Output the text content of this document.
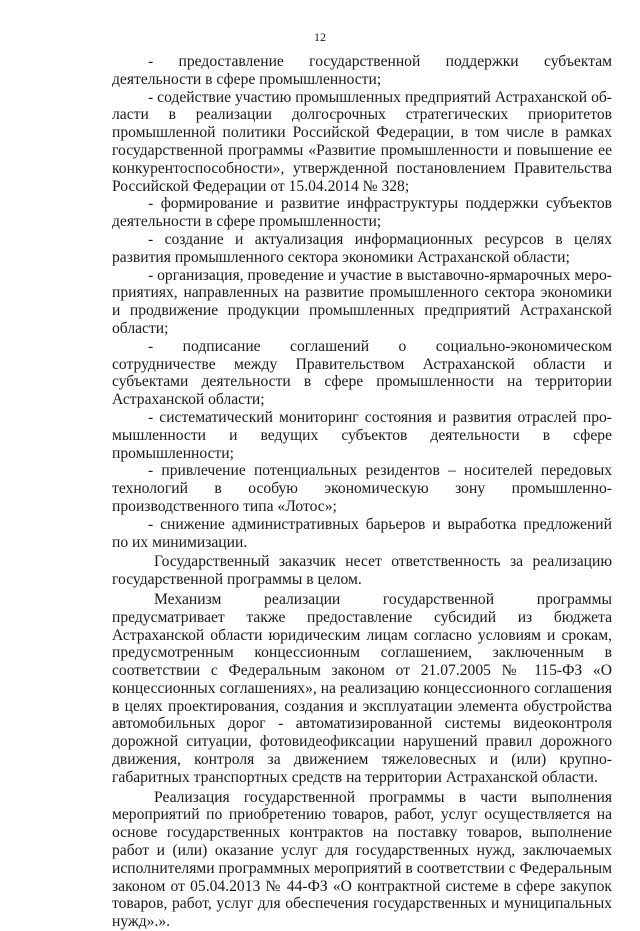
12

- предоставление государственной поддержки субъектам деятельности в сфере промышленности;

- содействие участию промышленных предприятий Астраханской области в реализации долгосрочных стратегических приоритетов промышленной политики Российской Федерации, в том числе в рамках государственной программы «Развитие промышленности и повышение ее конкурентоспособности», утвержденной постановлением Правительства Российской Федерации от 15.04.2014 № 328;

- формирование и развитие инфраструктуры поддержки субъектов деятельности в сфере промышленности;

- создание и актуализация информационных ресурсов в целях развития промышленного сектора экономики Астраханской области;

- организация, проведение и участие в выставочно-ярмарочных мероприятиях, направленных на развитие промышленного сектора экономики и продвижение продукции промышленных предприятий Астраханской области;

- подписание соглашений о социально-экономическом сотрудничестве между Правительством Астраханской области и субъектами деятельности в сфере промышленности на территории Астраханской области;

- систематический мониторинг состояния и развития отраслей промышленности и ведущих субъектов деятельности в сфере промышленности;

- привлечение потенциальных резидентов – носителей передовых технологий в особую экономическую зону промышленно-производственного типа «Лотос»;

- снижение административных барьеров и выработка предложений по их минимизации.

Государственный заказчик несет ответственность за реализацию государственной программы в целом.

Механизм реализации государственной программы предусматривает также предоставление субсидий из бюджета Астраханской области юридическим лицам согласно условиям и срокам, предусмотренным концессионным соглашением, заключенным в соответствии с Федеральным законом от 21.07.2005 № 115-ФЗ «О концессионных соглашениях», на реализацию концессионного соглашения в целях проектирования, создания и эксплуатации элемента обустройства автомобильных дорог - автоматизированной системы видеоконтроля дорожной ситуации, фотовидеофиксации нарушений правил дорожного движения, контроля за движением тяжеловесных и (или) крупногабаритных транспортных средств на территории Астраханской области.

Реализация государственной программы в части выполнения мероприятий по приобретению товаров, работ, услуг осуществляется на основе государственных контрактов на поставку товаров, выполнение работ и (или) оказание услуг для государственных нужд, заключаемых исполнителями программных мероприятий в соответствии с Федеральным законом от 05.04.2013 № 44-ФЗ «О контрактной системе в сфере закупок товаров, работ, услуг для обеспечения государственных и муниципальных нужд».».
